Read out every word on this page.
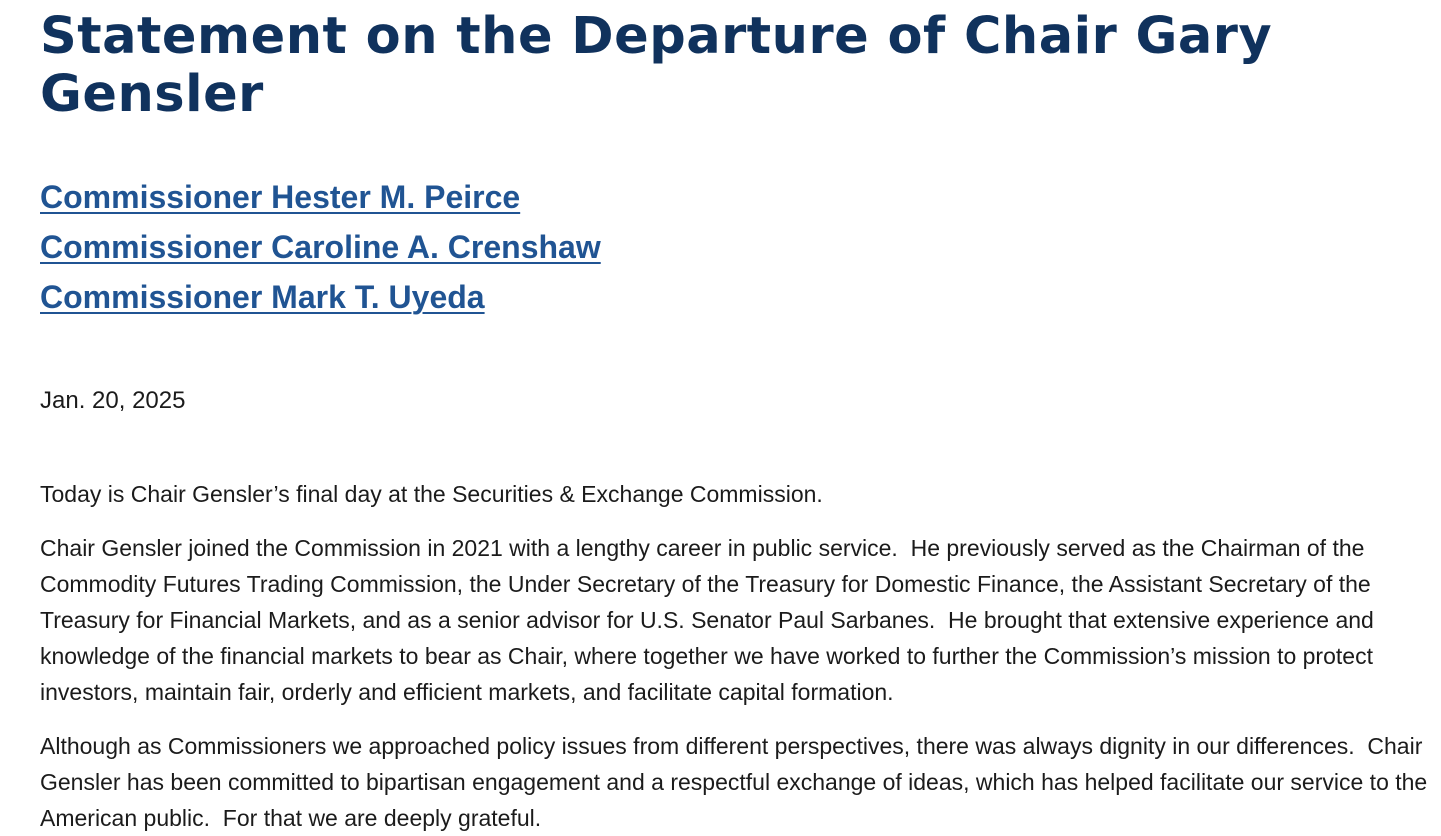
Statement on the Departure of Chair Gary Gensler
Commissioner Hester M. Peirce
Commissioner Caroline A. Crenshaw
Commissioner Mark T. Uyeda
Jan. 20, 2025

Today is Chair Gensler’s final day at the Securities & Exchange Commission.

Chair Gensler joined the Commission in 2021 with a lengthy career in public service.  He previously served as the Chairman of the Commodity Futures Trading Commission, the Under Secretary of the Treasury for Domestic Finance, the Assistant Secretary of the Treasury for Financial Markets, and as a senior advisor for U.S. Senator Paul Sarbanes.  He brought that extensive experience and knowledge of the financial markets to bear as Chair, where together we have worked to further the Commission’s mission to protect investors, maintain fair, orderly and efficient markets, and facilitate capital formation.

Although as Commissioners we approached policy issues from different perspectives, there was always dignity in our differences.  Chair Gensler has been committed to bipartisan engagement and a respectful exchange of ideas, which has helped facilitate our service to the American public.  For that we are deeply grateful.
